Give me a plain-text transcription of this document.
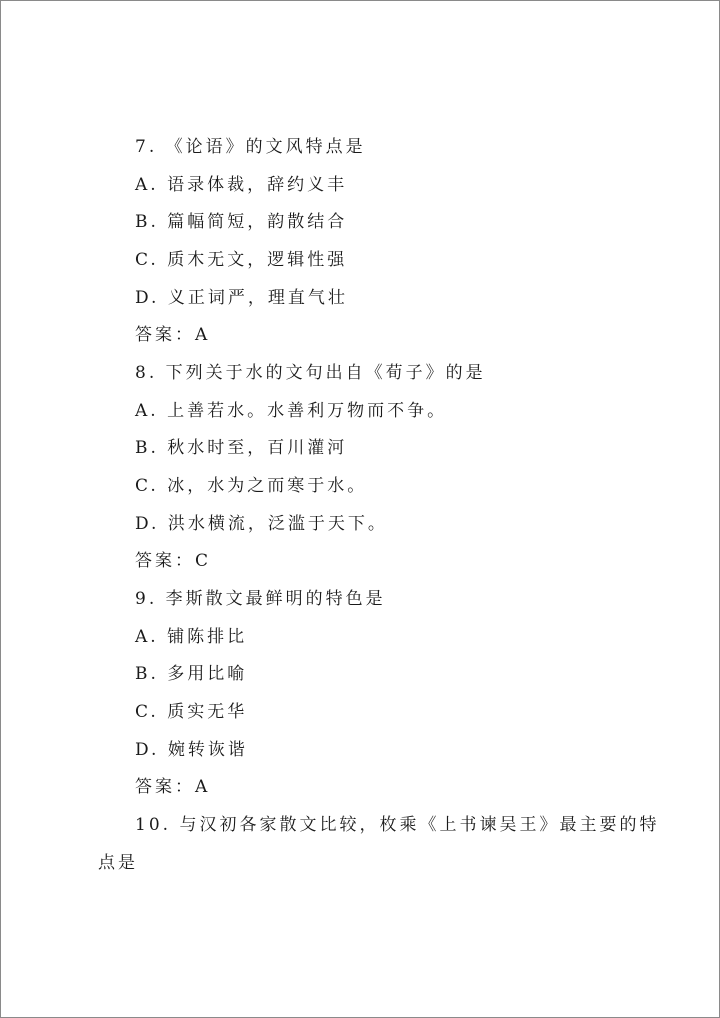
7. 《论语》的文风特点是
A. 语录体裁，辞约义丰
B. 篇幅简短，韵散结合
C. 质木无文，逻辑性强
D. 义正词严，理直气壮
答案：A
8. 下列关于水的文句出自《荀子》的是
A. 上善若水。水善利万物而不争。
B. 秋水时至，百川灌河
C. 冰，水为之而寒于水。
D. 洪水横流，泛滥于天下。
答案：C
9. 李斯散文最鲜明的特色是
A. 铺陈排比
B. 多用比喻
C. 质实无华
D. 婉转诙谐
答案：A
10. 与汉初各家散文比较，枚乘《上书谏吴王》最主要的特
点是
